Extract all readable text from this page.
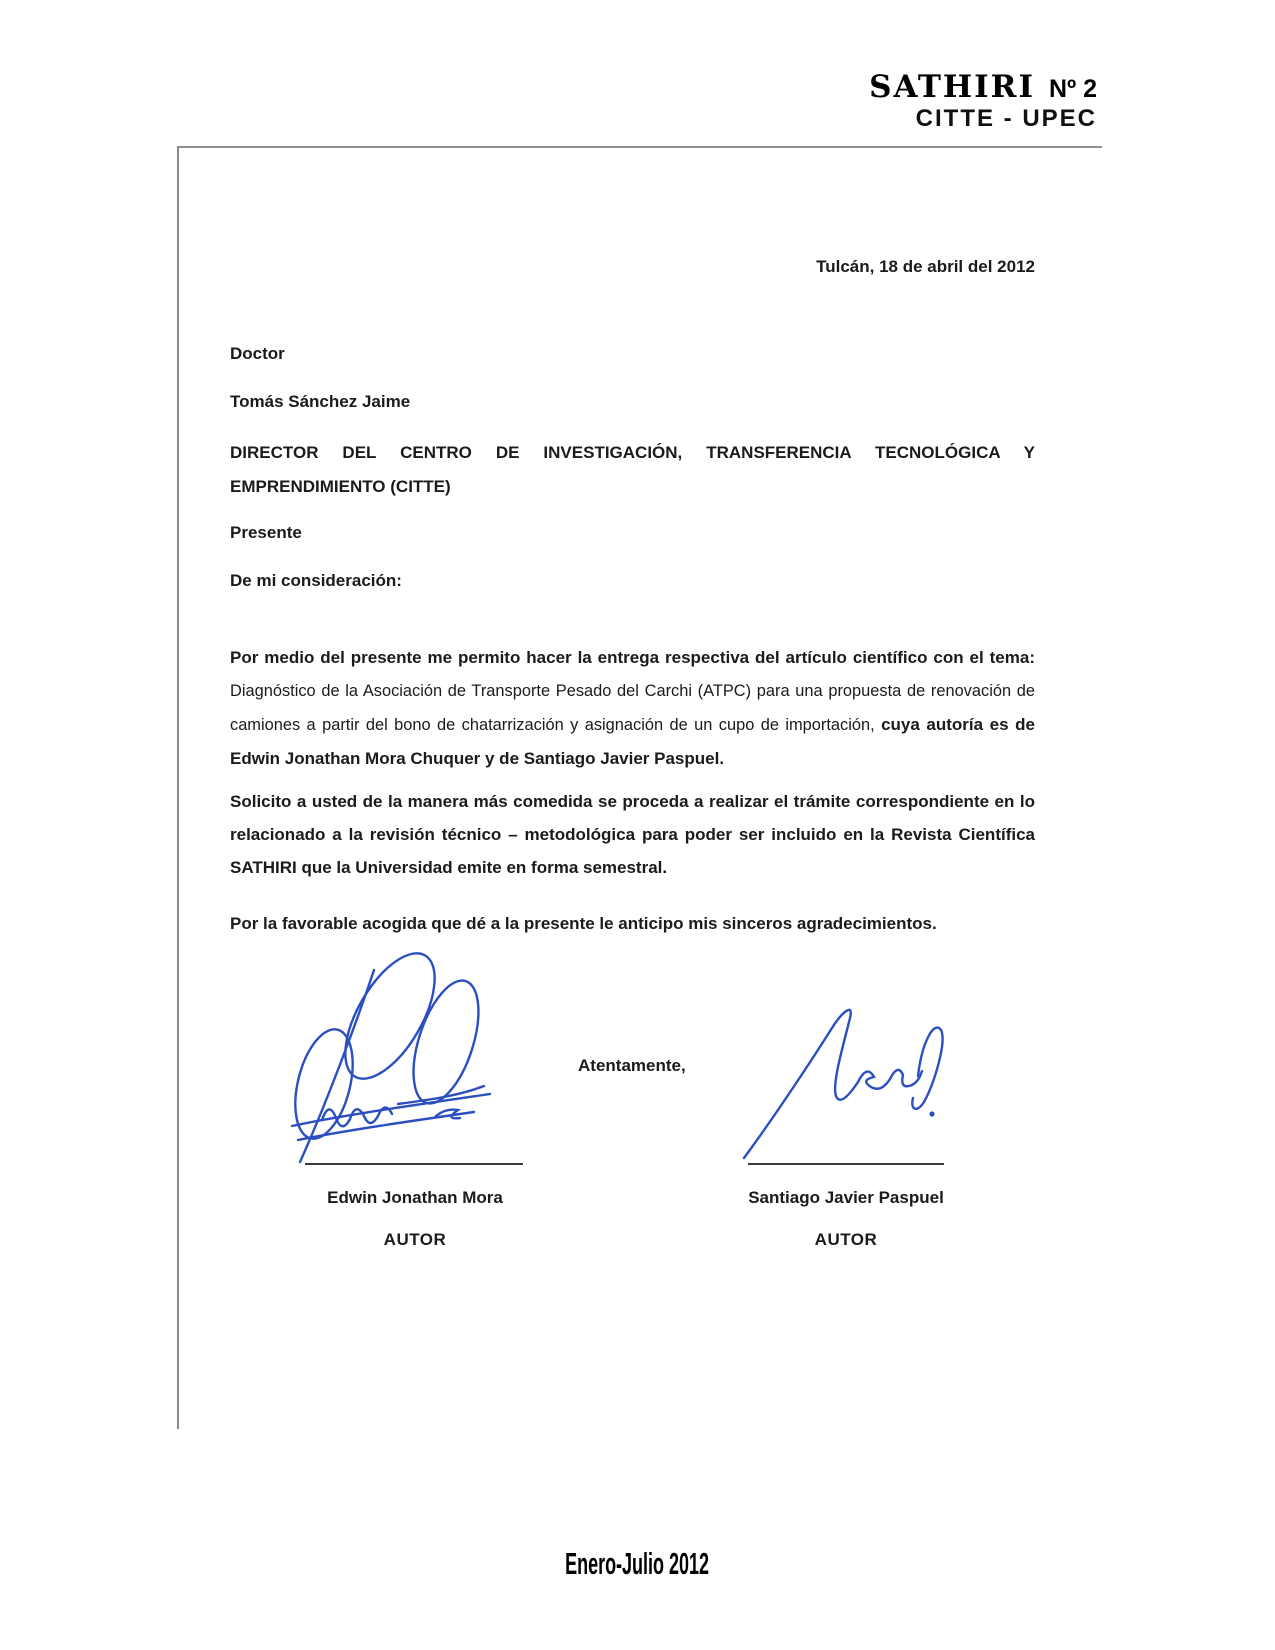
SATHIRI Nº 2
CITTE - UPEC
Tulcán, 18 de abril del 2012
Doctor
Tomás Sánchez Jaime
DIRECTOR DEL CENTRO DE INVESTIGACIÓN, TRANSFERENCIA TECNOLÓGICA Y EMPRENDIMIENTO (CITTE)
Presente
De mi consideración:

Por medio del presente me permito hacer la entrega respectiva del artículo científico con el tema: Diagnóstico de la Asociación de Transporte Pesado del Carchi (ATPC) para una propuesta de renovación de camiones a partir del bono de chatarrización y asignación de un cupo de importación, cuya autoría es de Edwin Jonathan Mora Chuquer y de Santiago Javier Paspuel.

Solicito a usted de la manera más comedida se proceda a realizar el trámite correspondiente en lo relacionado a la revisión técnico – metodológica para poder ser incluido en la Revista Científica SATHIRI que la Universidad emite en forma semestral.

Por la favorable acogida que dé a la presente le anticipo mis sinceros agradecimientos.

Atentamente,
Edwin Jonathan Mora
AUTOR
Santiago Javier Paspuel
AUTOR
Enero-Julio 2012
